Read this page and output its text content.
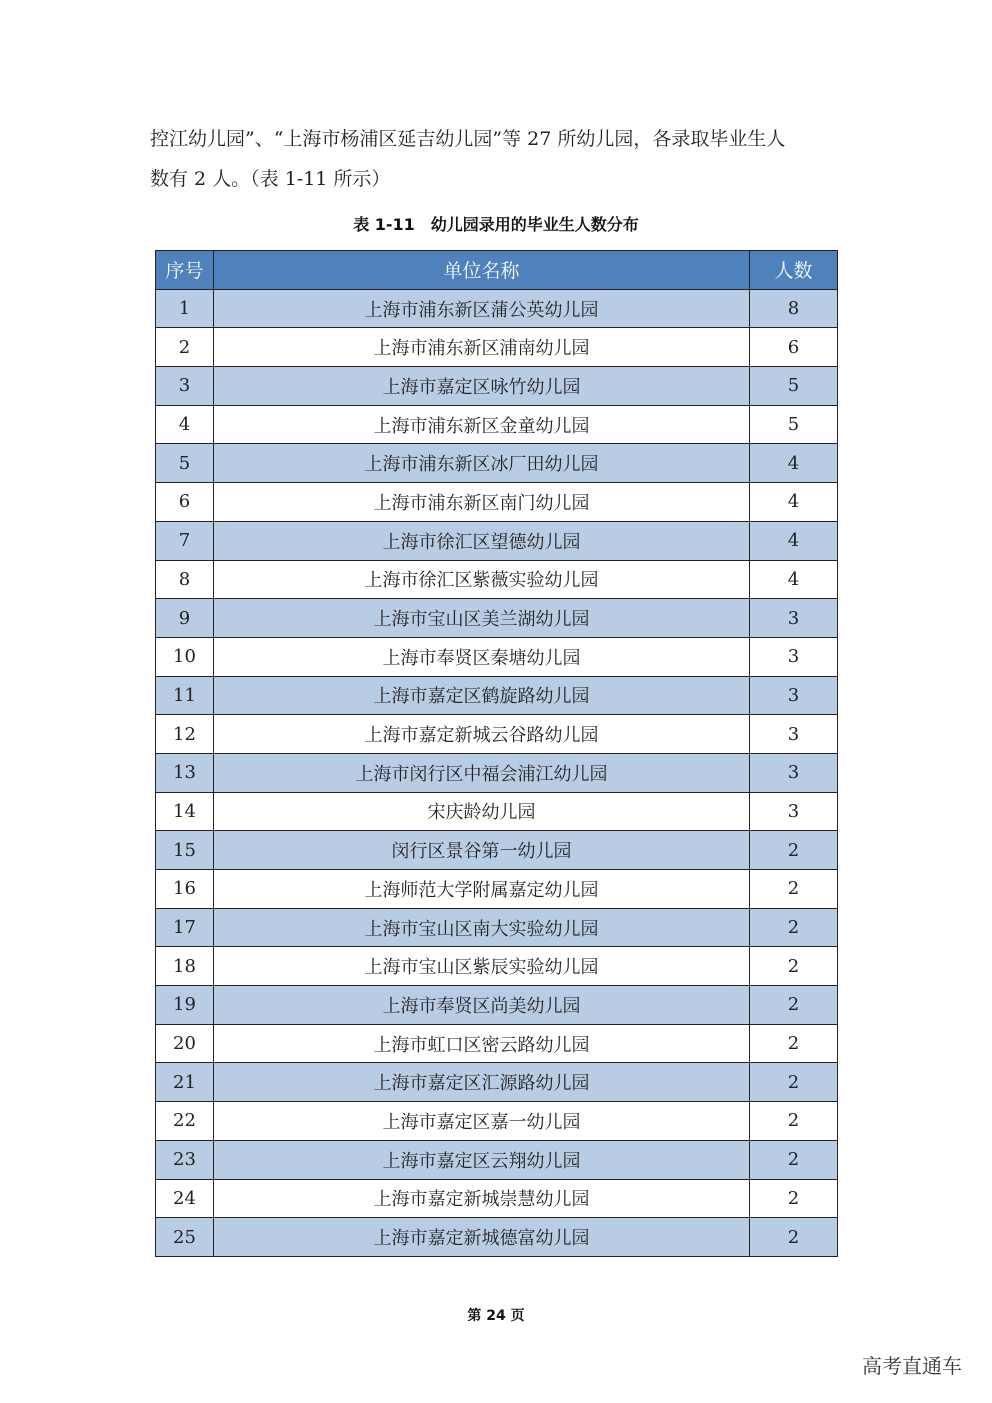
控江幼儿园”、“上海市杨浦区延吉幼儿园”等 27 所幼儿园，各录取毕业生人
数有 2 人。（表 1-11 所示）
表 1-11　幼儿园录用的毕业生人数分布
序号	单位名称	人数
1	上海市浦东新区蒲公英幼儿园	8
2	上海市浦东新区浦南幼儿园	6
3	上海市嘉定区咏竹幼儿园	5
4	上海市浦东新区金童幼儿园	5
5	上海市浦东新区冰厂田幼儿园	4
6	上海市浦东新区南门幼儿园	4
7	上海市徐汇区望德幼儿园	4
8	上海市徐汇区紫薇实验幼儿园	4
9	上海市宝山区美兰湖幼儿园	3
10	上海市奉贤区秦塘幼儿园	3
11	上海市嘉定区鹤旋路幼儿园	3
12	上海市嘉定新城云谷路幼儿园	3
13	上海市闵行区中福会浦江幼儿园	3
14	宋庆龄幼儿园	3
15	闵行区景谷第一幼儿园	2
16	上海师范大学附属嘉定幼儿园	2
17	上海市宝山区南大实验幼儿园	2
18	上海市宝山区紫辰实验幼儿园	2
19	上海市奉贤区尚美幼儿园	2
20	上海市虹口区密云路幼儿园	2
21	上海市嘉定区汇源路幼儿园	2
22	上海市嘉定区嘉一幼儿园	2
23	上海市嘉定区云翔幼儿园	2
24	上海市嘉定新城崇慧幼儿园	2
25	上海市嘉定新城德富幼儿园	2
第 24 页
高考直通车
